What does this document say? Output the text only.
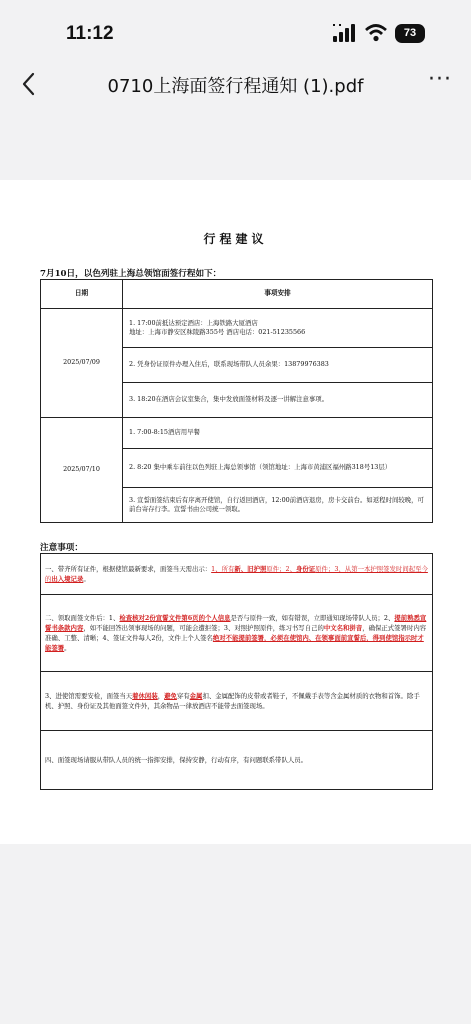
11:12	73
0710上海面签行程通知 (1).pdf	···
行程建议
7月10日，以色列驻上海总领馆面签行程如下：
日期	事项安排
2025/07/09	1. 17:00前抵达预定酒店：上海铁路大厦酒店
地址：上海市静安区秣陵路355号 酒店电话：021-51235566
	2. 凭身份证原件办理入住后，联系现场带队人员余果：13879976383
	3. 18:20在酒店会议室集合，集中发放面签材料及逐一讲解注意事项。
2025/07/10	1. 7:00-8:15酒店用早餐
	2. 8:20 集中乘车前往以色列驻上海总领事馆（领馆地址：上海市黄浦区福州路318号13层）
	3. 宣誓面签结束后有序离开使馆，自行返回酒店，12:00前酒店退房，房卡交前台。如返程时间较晚，可前台寄存行李。宣誓书由公司统一领取。
注意事项：
一、带齐所有证件，根据使馆最新要求，面签当天需出示：1、所有新、旧护照原件；2、身份证原件；3、从第一本护照签发时间起至今的出入境记录。
二、领取面签文件后：1、检查核对2份宣誓文件第6页的个人信息是否与原件一致，如有错误，立即通知现场带队人员；2、提前熟悉宣誓书条款内容，如不能回答出领事现场的问题，可能会遭拒签；3、对照护照原件，练习书写自己的中文名和拼音，确保正式签署时内容准确、工整、清晰；4、签证文件每人2份，文件上个人签名绝对不能提前签署，必须在使馆内、在领事面前宣誓后，得到使馆指示时才能签署。
3、进使馆需要安检，面签当天着休闲装，避免穿有金属扣、金属配饰的皮带或者鞋子，不佩戴手表等含金属材质的衣物和首饰。除手机、护照、身份证及其他面签文件外，其余物品一律放酒店不能带去面签现场。
四、面签现场请服从带队人员的统一指挥安排，保持安静，行动有序，有问题联系带队人员。
